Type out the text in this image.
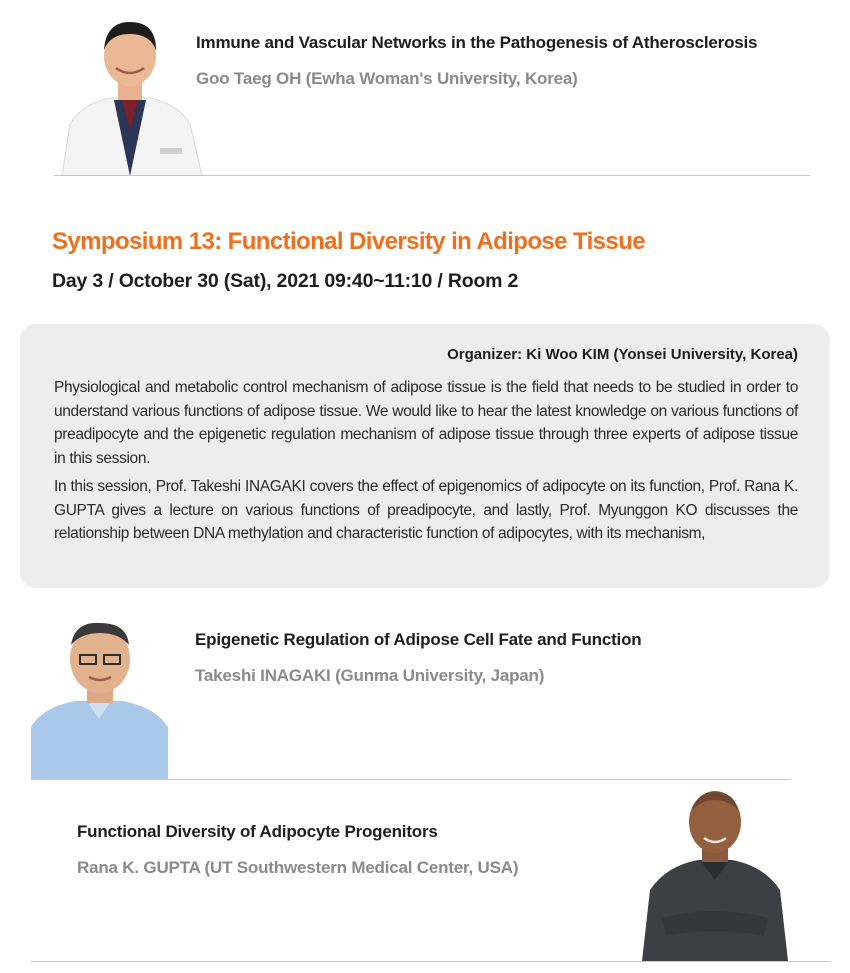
Immune and Vascular Networks in the Pathogenesis of Atherosclerosis
Goo Taeg OH (Ewha Woman's University, Korea)
Symposium 13: Functional Diversity in Adipose Tissue
Day 3 / October 30 (Sat), 2021 09:40~11:10 / Room 2
Organizer: Ki Woo KIM (Yonsei University, Korea)

Physiological and metabolic control mechanism of adipose tissue is the field that needs to be studied in order to understand various functions of adipose tissue. We would like to hear the latest knowledge on various functions of preadipocyte and the epigenetic regulation mechanism of adipose tissue through three experts of adipose tissue in this session.

In this session, Prof. Takeshi INAGAKI covers the effect of epigenomics of adipocyte on its function, Prof. Rana K. GUPTA gives a lecture on various functions of preadipocyte, and lastly, Prof. Myunggon KO discusses the relationship between DNA methylation and characteristic function of adipocytes, with its mechanism,

Epigenetic Regulation of Adipose Cell Fate and Function
Takeshi INAGAKI (Gunma University, Japan)
Functional Diversity of Adipocyte Progenitors
Rana K. GUPTA (UT Southwestern Medical Center, USA)
